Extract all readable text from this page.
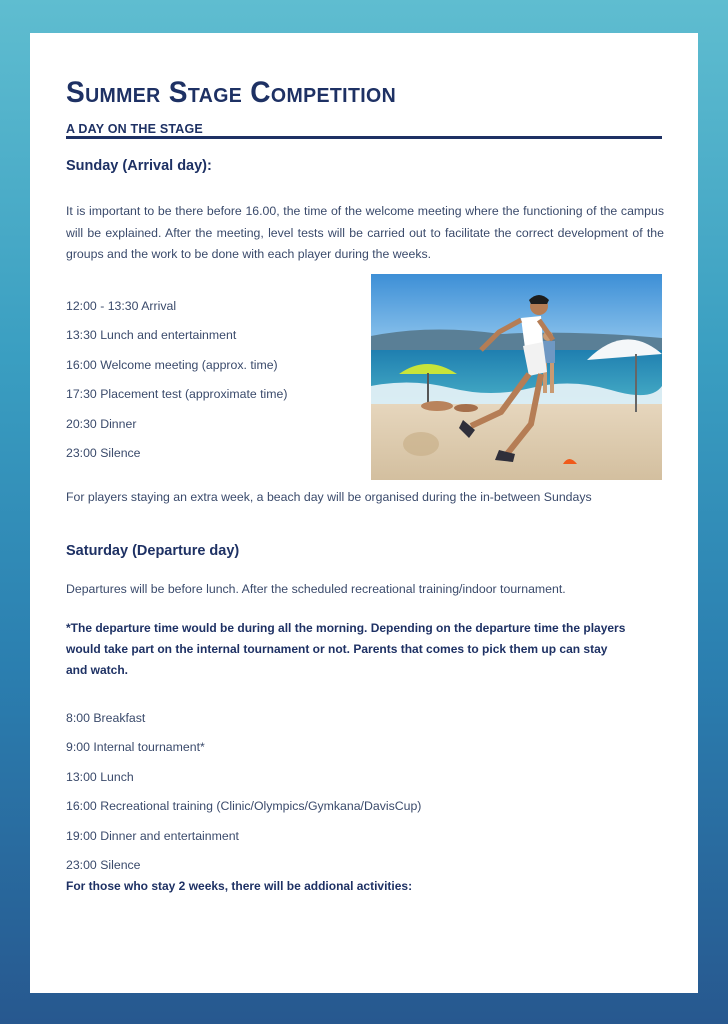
Summer Stage Competition
A DAY ON THE STAGE
Sunday (Arrival day):

It is important to be there before 16.00, the time of the welcome meeting where the functioning of the campus will be explained. After the meeting, level tests will be carried out to facilitate the correct development of the groups and the work to be done with each player during the weeks.

12:00 - 13:30 Arrival
13:30 Lunch and entertainment
16:00 Welcome meeting (approx. time)
17:30 Placement test (approximate time)
20:30 Dinner
23:00 Silence
For players staying an extra week, a beach day will be organised during the in-between Sundays
Saturday (Departure day)
Departures will be before lunch. After the scheduled recreational training/indoor tournament.

*The departure time would be during all the morning. Depending on the departure time the players would take part on the internal tournament or not. Parents that comes to pick them up can stay and watch.

8:00 Breakfast
9:00 Internal tournament*
13:00 Lunch
16:00 Recreational training (Clinic/Olympics/Gymkana/DavisCup)
19:00 Dinner and entertainment
23:00 Silence
For those who stay 2 weeks, there will be addional activities:
